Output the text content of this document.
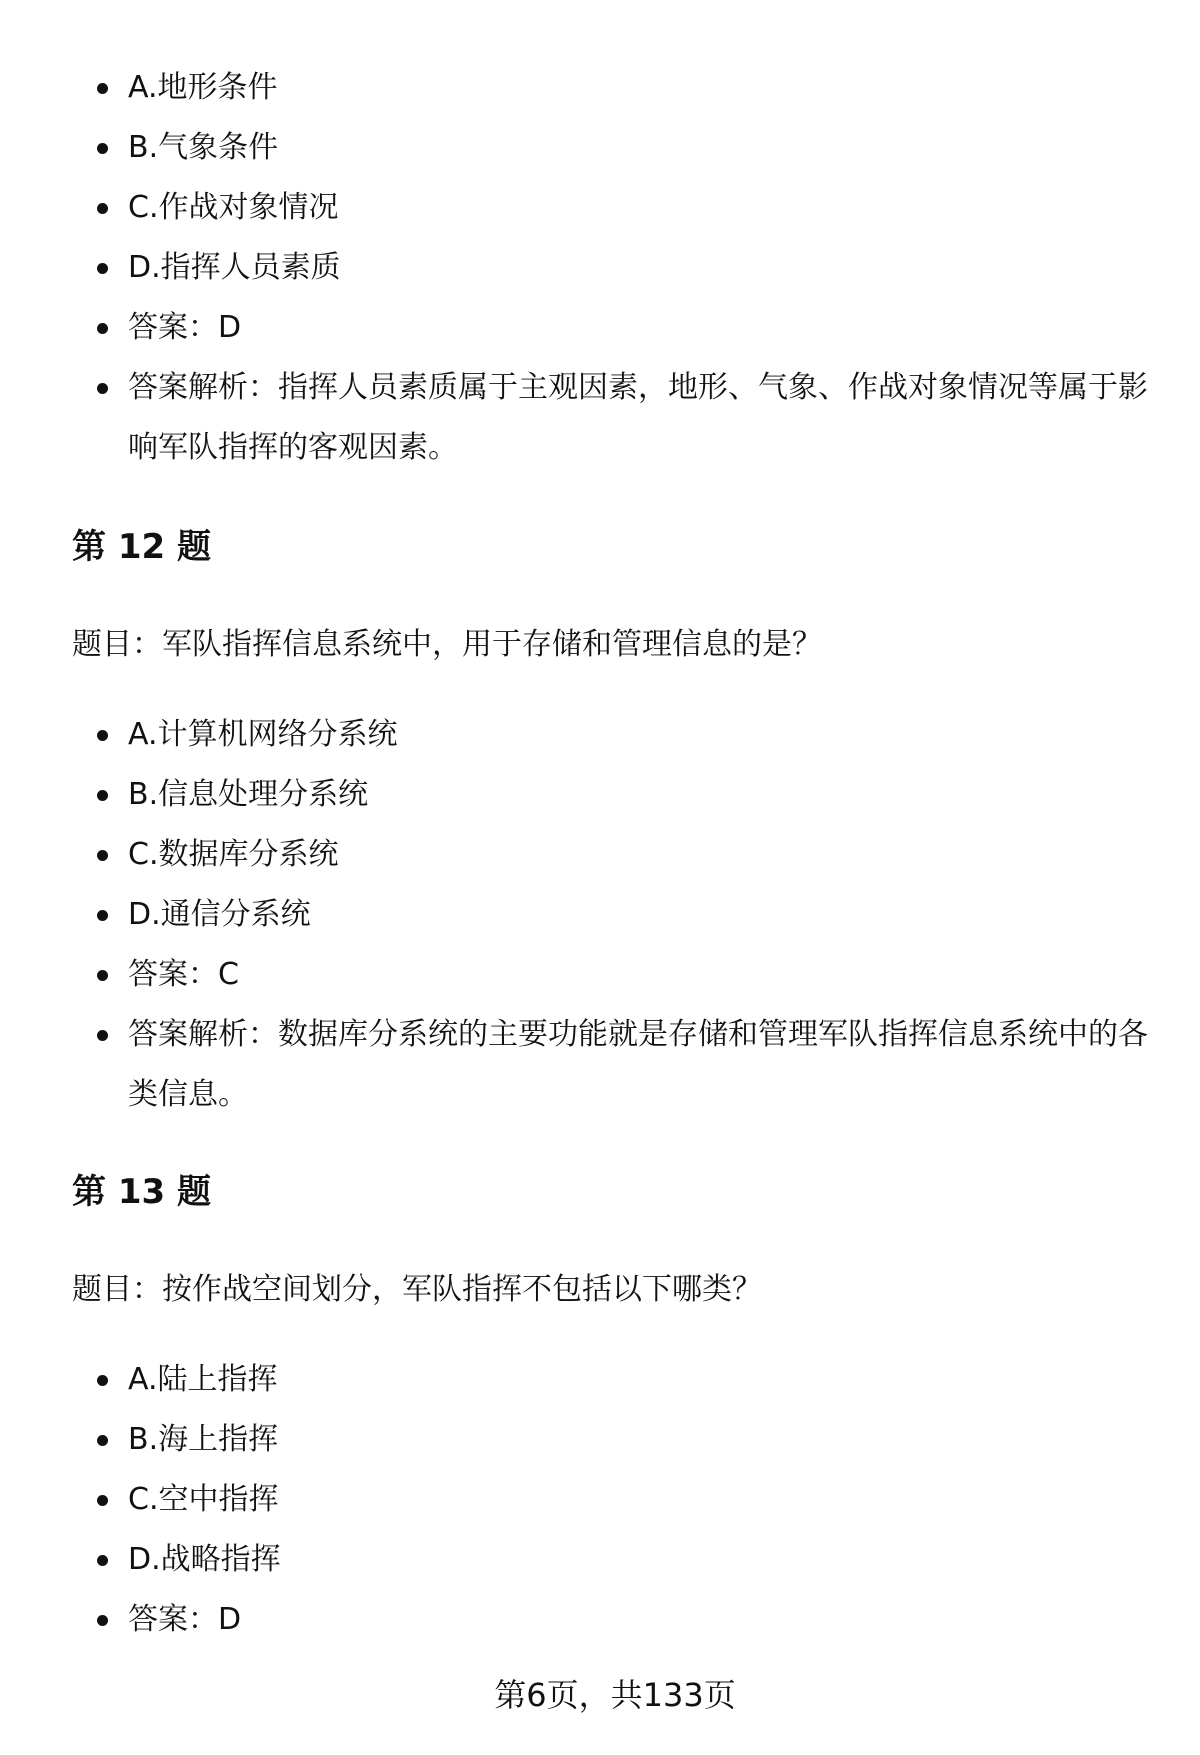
A.地形条件
B.气象条件
C.作战对象情况
D.指挥人员素质
答案：D
答案解析：指挥人员素质属于主观因素，地形、气象、作战对象情况等属于影响军队指挥的客观因素。
第 12 题

题目：军队指挥信息系统中，用于存储和管理信息的是？

A.计算机网络分系统
B.信息处理分系统
C.数据库分系统
D.通信分系统
答案：C
答案解析：数据库分系统的主要功能就是存储和管理军队指挥信息系统中的各类信息。
第 13 题

题目：按作战空间划分，军队指挥不包括以下哪类？

A.陆上指挥
B.海上指挥
C.空中指挥
D.战略指挥
答案：D
第6页，共133页
